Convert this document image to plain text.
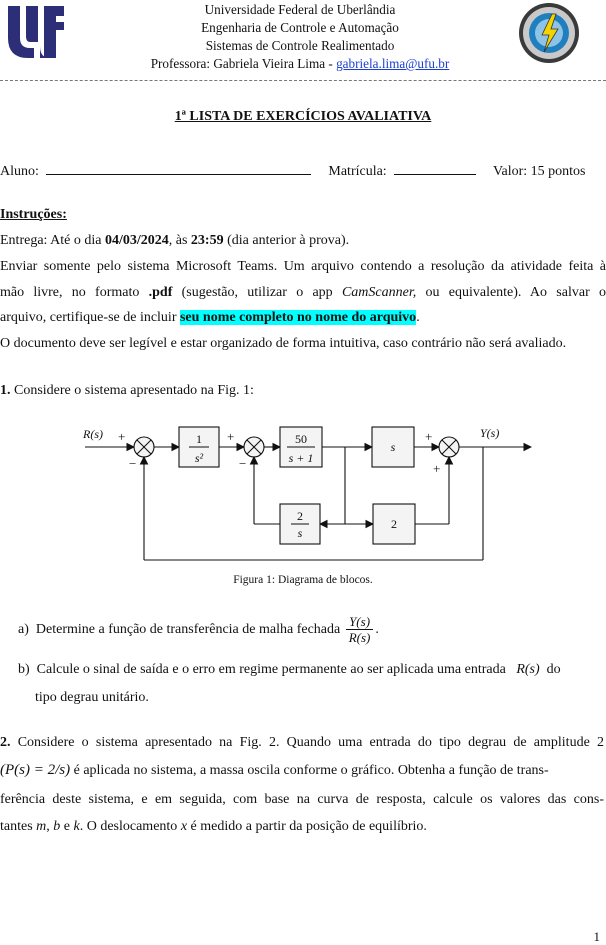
Universidade Federal de Uberlândia
Engenharia de Controle e Automação
Sistemas de Controle Realimentado
Professora: Gabriela Vieira Lima - gabriela.lima@ufu.br
1ª LISTA DE EXERCÍCIOS AVALIATIVA
Aluno:	Matrícula:	Valor: 15 pontos
Instruções:
Entrega: Até o dia 04/03/2024, às 23:59 (dia anterior à prova).
Enviar somente pelo sistema Microsoft Teams. Um arquivo contendo a resolução da atividade feita à
mão livre, no formato .pdf (sugestão, utilizar o app CamScanner, ou equivalente). Ao salvar o
arquivo, certifique-se de incluir seu nome completo no nome do arquivo.
O documento deve ser legível e estar organizado de forma intuitiva, caso contrário não será avaliado.
1. Considere o sistema apresentado na Fig. 1:
R(s)	Y(s)
1
s²
50
s + 1
s
2
s
2
+
−
+
−
+
+
Figura 1: Diagrama de blocos.
a) Determine a função de transferência de malha fechada $\frac{Y(s)}{R(s)}$ .
b) Calcule o sinal de saída e o erro em regime permanente ao ser aplicada uma entrada R(s) do
tipo degrau unitário.
2. Considere o sistema apresentado na Fig. 2. Quando uma entrada do tipo degrau de amplitude 2
(P(s) = 2/s) é aplicada no sistema, a massa oscila conforme o gráfico. Obtenha a função de trans-
ferência deste sistema, e em seguida, com base na curva de resposta, calcule os valores das cons-
tantes m, b e k. O deslocamento x é medido a partir da posição de equilíbrio.
1
